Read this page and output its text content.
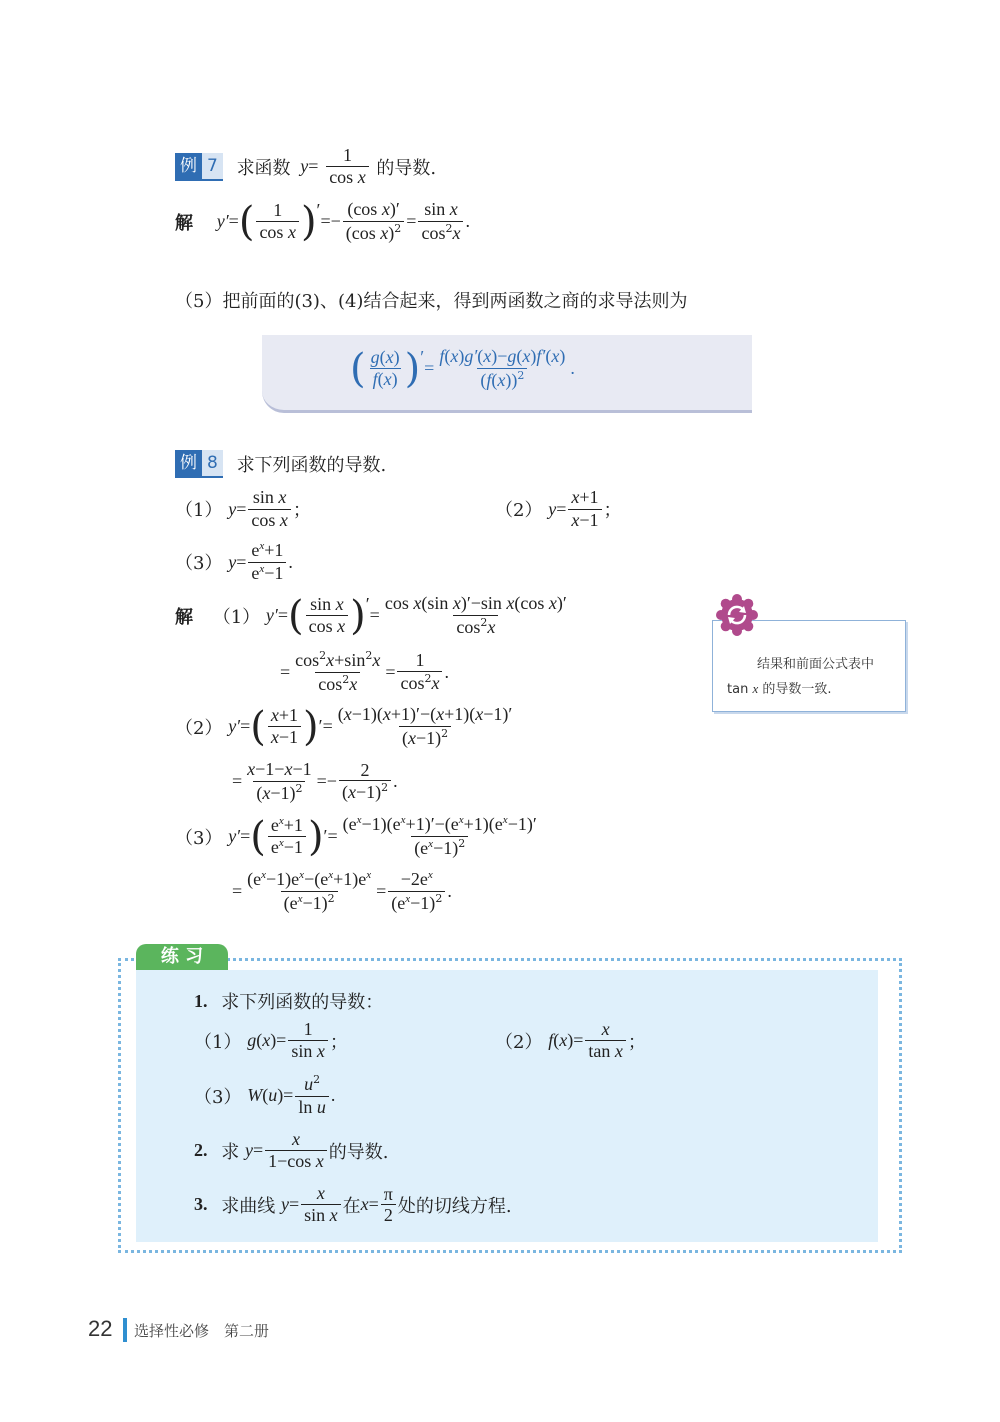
例 7 求函数 $y= \frac{1}{\text{cos x}}$ 的导数.
解 $y'=( \frac{1}{\text{cos x}}$ )′=− $\frac{\text{(cos x)′}}{(\cos x)^2} = \frac{\text{sin x}}{\cos^2x}$ .
（5）把前面的(3)、(4)结合起来，得到两函数之商的求导法则为
( $\frac{g(x)}{f(x)}$ )′= $\frac{f(x)g'(x)-g(x)f'(x)}{(f(x))^2}$ .
例 8 求下列函数的导数.
（1） $y= \frac{\text{sin x}}{\text{cos x}}$ ；	（2） $y= \frac{x+1}{x-1}$ ；
（3） $y= \frac{e^x+1}{e^x-1}$ .
解 （1） $y'=( \frac{\text{sin x}}{\text{cos x}}$ )′= $\frac{\text{cos x(sin x)′−sin x(cos x)′}}{\cos^2x}$
= $\frac{\cos^2x+\sin^2x}{\cos^2x} = \frac{1}{\cos^2x}$ .
（2） $y'=( \frac{x+1}{x-1}$ )′= $\frac{(x-1)(x+1)'-(x+1)(x-1)'}{(x-1)^2}$
= $\frac{x-1-x-1}{(x-1)^2} =- \frac{2}{(x-1)^2}$ .
（3） $y'=( \frac{e^x+1}{e^x-1}$ )′= $\frac{(e^x-1)(e^x+1)'-(e^x+1)(e^x-1)'}{(e^x-1)^2}$
= $\frac{(e^x-1)e^x-(e^x+1)e^x}{(e^x-1)^2} = \frac{-2e^x}{(e^x-1)^2}$ .
结果和前面公式表中
tan x 的导数一致.
练 习
1. 求下列函数的导数：
（1） $g(x)= \frac{1}{\text{sin x}}$ ；	（2） $f(x)= \frac{x}{\text{tan x}}$ ；
（3） $W(u)= \frac{u^2}{\text{ln u}}$ .
2. 求 $y= \frac{x}{\text{1−cos x}}$ 的导数.
3. 求曲线 $y= \frac{x}{\text{sin x}}$ 在$x= \frac{\pi}{2}$ 处的切线方程.
22 选择性必修　第二册
